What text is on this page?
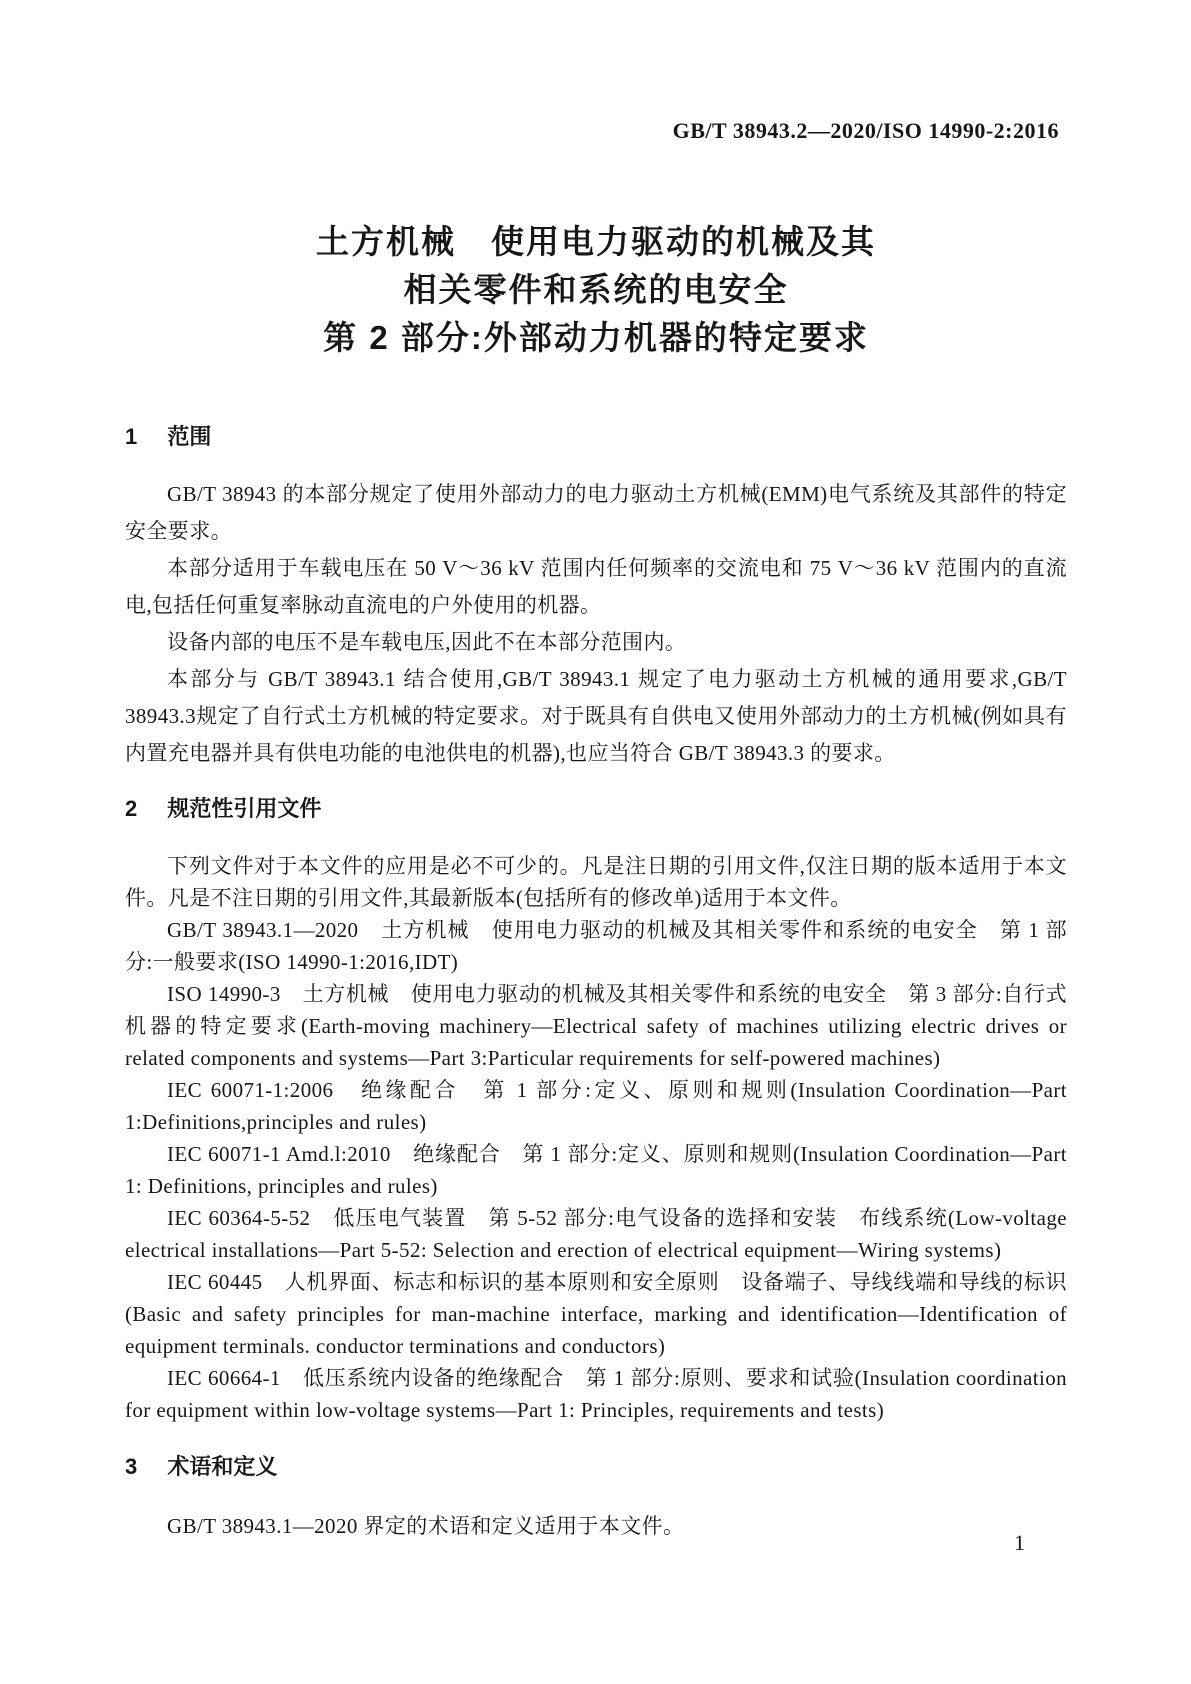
GB/T 38943.2—2020/ISO 14990-2:2016
土方机械　使用电力驱动的机械及其
相关零件和系统的电安全
第 2 部分:外部动力机器的特定要求
1 范围

GB/T 38943 的本部分规定了使用外部动力的电力驱动土方机械(EMM)电气系统及其部件的特定安全要求。

本部分适用于车载电压在 50 V～36 kV 范围内任何频率的交流电和 75 V～36 kV 范围内的直流电,包括任何重复率脉动直流电的户外使用的机器。

设备内部的电压不是车载电压,因此不在本部分范围内。

本部分与 GB/T 38943.1 结合使用,GB/T 38943.1 规定了电力驱动土方机械的通用要求,GB/T 38943.3规定了自行式土方机械的特定要求。对于既具有自供电又使用外部动力的土方机械(例如具有内置充电器并具有供电功能的电池供电的机器),也应当符合 GB/T 38943.3 的要求。

2 规范性引用文件

下列文件对于本文件的应用是必不可少的。凡是注日期的引用文件,仅注日期的版本适用于本文件。凡是不注日期的引用文件,其最新版本(包括所有的修改单)适用于本文件。

GB/T 38943.1—2020　土方机械　使用电力驱动的机械及其相关零件和系统的电安全　第 1 部分:一般要求(ISO 14990-1:2016,IDT)

ISO 14990-3　土方机械　使用电力驱动的机械及其相关零件和系统的电安全　第 3 部分:自行式机器的特定要求(Earth-moving machinery—Electrical safety of machines utilizing electric drives or related components and systems—Part 3:Particular requirements for self-powered machines)

IEC 60071-1:2006　绝缘配合　第 1 部分:定义、原则和规则(Insulation Coordination—Part 1:Definitions,principles and rules)

IEC 60071-1 Amd.l:2010　绝缘配合　第 1 部分:定义、原则和规则(Insulation Coordination—Part 1: Definitions, principles and rules)

IEC 60364-5-52　低压电气装置　第 5-52 部分:电气设备的选择和安装　布线系统(Low-voltage electrical installations—Part 5-52: Selection and erection of electrical equipment—Wiring systems)

IEC 60445　人机界面、标志和标识的基本原则和安全原则　设备端子、导线线端和导线的标识(Basic and safety principles for man-machine interface, marking and identification—Identification of equipment terminals. conductor terminations and conductors)

IEC 60664-1　低压系统内设备的绝缘配合　第 1 部分:原则、要求和试验(Insulation coordination for equipment within low-voltage systems—Part 1: Principles, requirements and tests)

3 术语和定义

GB/T 38943.1—2020 界定的术语和定义适用于本文件。

1
